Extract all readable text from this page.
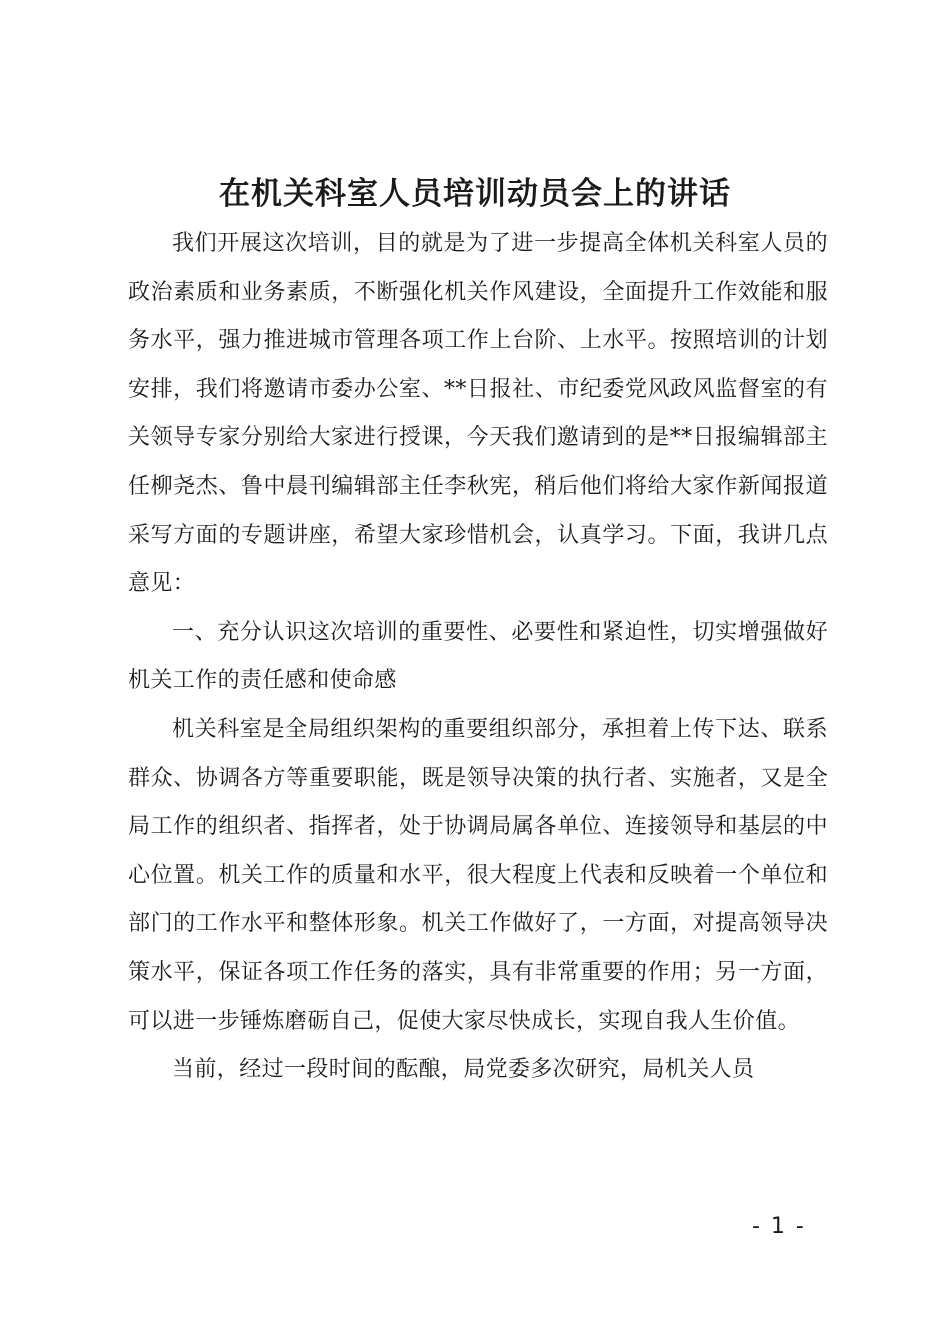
在机关科室人员培训动员会上的讲话

我们开展这次培训，目的就是为了进一步提高全体机关科室人员的政治素质和业务素质，不断强化机关作风建设，全面提升工作效能和服务水平，强力推进城市管理各项工作上台阶、上水平。按照培训的计划安排，我们将邀请市委办公室、**日报社、市纪委党风政风监督室的有关领导专家分别给大家进行授课，今天我们邀请到的是**日报编辑部主任柳尧杰、鲁中晨刊编辑部主任李秋宪，稍后他们将给大家作新闻报道采写方面的专题讲座，希望大家珍惜机会，认真学习。下面，我讲几点意见：

一、充分认识这次培训的重要性、必要性和紧迫性，切实增强做好机关工作的责任感和使命感

机关科室是全局组织架构的重要组织部分，承担着上传下达、联系群众、协调各方等重要职能，既是领导决策的执行者、实施者，又是全局工作的组织者、指挥者，处于协调局属各单位、连接领导和基层的中心位置。机关工作的质量和水平，很大程度上代表和反映着一个单位和部门的工作水平和整体形象。机关工作做好了，一方面，对提高领导决策水平，保证各项工作任务的落实，具有非常重要的作用；另一方面，可以进一步锤炼磨砺自己，促使大家尽快成长，实现自我人生价值。

当前，经过一段时间的酝酿，局党委多次研究，局机关人员

- 1 -
